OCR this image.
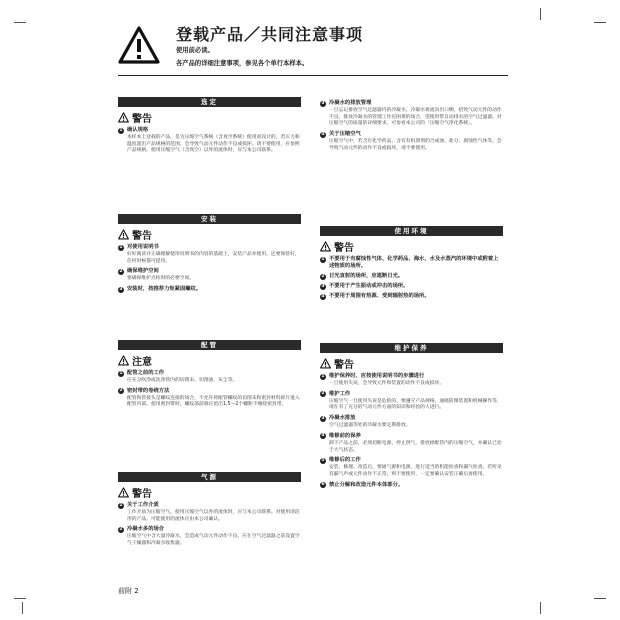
登载产品／共同注意事项
使用前必读。
各产品的详细注意事项，参见各个单行本样本。
选定
警告
1 确认规格
本样本上登载的产品，是为压缩空气系统（含真空系统）使用而设计的，若压力和温度超出产品规格的范围，会导致气动元件动作不良或损坏。请不要使用，应参照产品规格。使用压缩空气（含真空）以外的流体时，应与本公司联系。
安装
警告
1 对使用说明书
好好阅读并正确理解使用说明书的内容的基础上，安装产品并使用。还要保管好，任何时候都可提用。
2 确保维护空间
要确保维护点检时的必要空间。
3 安装时，按推荐力矩紧固螺纹。
配管
注意
1 配管之前的工作
应充分吹净或洗净管内的切削末、切削油、灰尘等。
2 密封带的卷绕方法
配管和管接头是螺纹连接的场合，不允许将配管螺纹的切削末和密封材料碎片进入配管内部。使用密封带时，螺纹部前端应留出1.5～2个螺距不缠绕密封带。
气源
警告
1 关于工作介质
工作介质为压缩空气。使用压缩空气以外的流体时，应与本公司联系。对使用清洁用的产品，可能使用的流体应由本公司确认。
2 冷凝水多的场合
压缩空气中含大量冷凝水，会造成气动元件动作不良。应在空气过滤器之前设置空气干燥器和冷凝水收集器。
3 冷凝水的排放管理
一旦忘记排放空气过滤器内的冷凝水，冷凝水将流向出口侧，招致气动元件的动作不良。排放冷凝水的管理工作有困难的场合，望使用带自动排水的空气过滤器。对压缩空气的质量的详细要求，可参看本公司的「压缩空气净化系统」。
4 关于压缩空气
压缩空气中，若含有化学药品、含有有机溶剂的合成油、盐分、腐蚀性气体等，会导致气动元件的动作不良或损坏，请不要使用。
使用环境
警告
1 不要用于有腐蚀性气体、化学药品、海水、水及水蒸汽的环境中或附着上述物质的场所。
2 日光直射的场所，应遮断日光。
3 不要用于产生振动或冲击的场所。
4 不要用于周围有热源、受到辐射热的场所。
维护保养
警告
1 维护保养时，应按使用说明书的步骤进行
一旦使用失误，会导致元件和装置的动作不良或损坏。
2 维护工作
压缩空气一旦使用失误是危险的。要遵守产品规格，通晓防爆装置和机械操作等，请在有了充分的气动元件方面的知识和经验的人进行。
3 冷凝水排放
空气过滤器等处的冷凝水要定期排放。
4 维修前的保养
卸下产品之前，必须切断电源，停止供气，排放掉配管内的压缩空气，并确认已处于大气状态。
5 维修后的工作
安装、修理、改造后，要通气源和电源，进行适当的机能检查和漏气检查。若听见有漏气声或元件动作不正常，则不要使用，一定要确认安装正确后再使用。
6 禁止分解和改造元件本体部分。
前附 2
